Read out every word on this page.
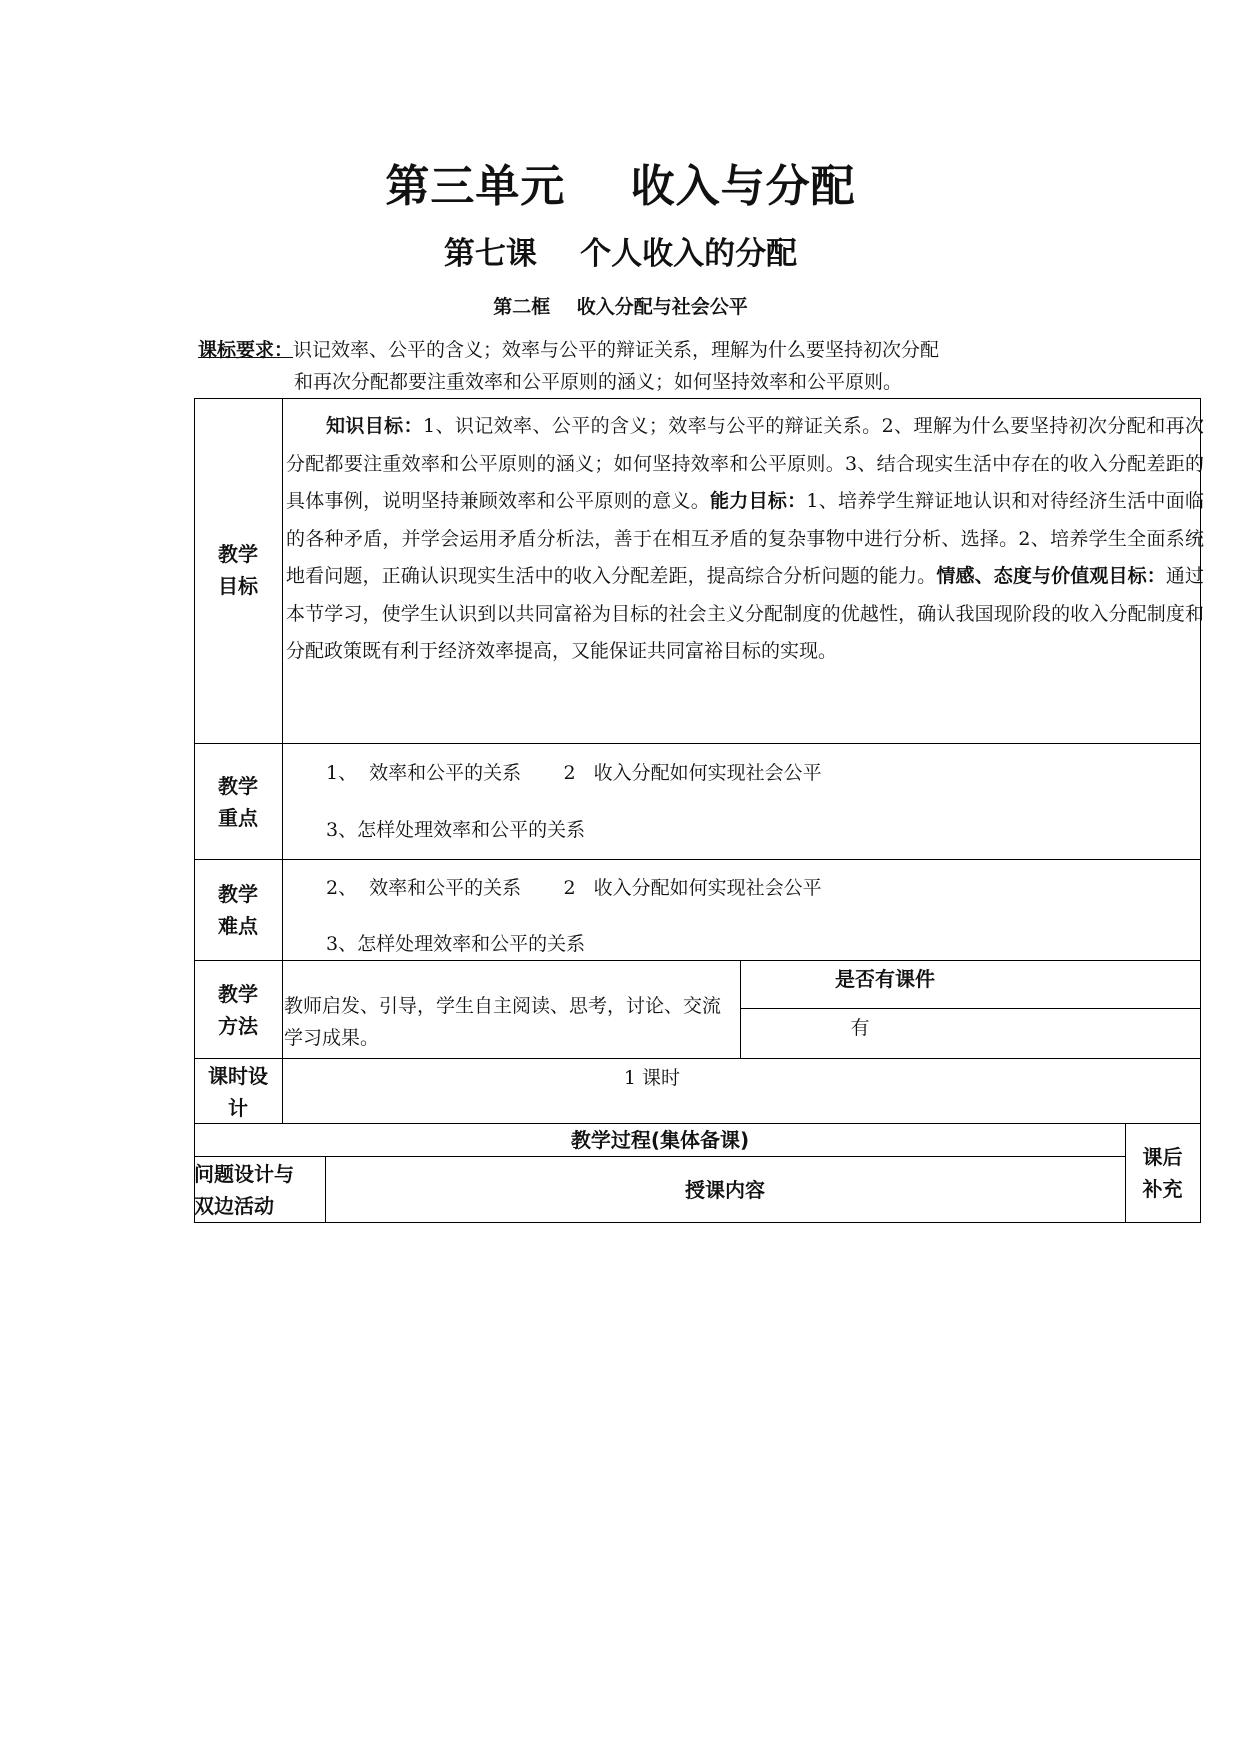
第三单元    收入与分配
第七课    个人收入的分配
第二框    收入分配与社会公平
课标要求：识记效率、公平的含义；效率与公平的辩证关系，理解为什么要坚持初次分配
和再次分配都要注重效率和公平原则的涵义；如何坚持效率和公平原则。
教学
目标
知识目标：1、识记效率、公平的含义；效率与公平的辩证关系。2、理解为什么要坚持初次分配和再次分配都要注重效率和公平原则的涵义；如何坚持效率和公平原则。3、结合现实生活中存在的收入分配差距的具体事例，说明坚持兼顾效率和公平原则的意义。能力目标：1、培养学生辩证地认识和对待经济生活中面临的各种矛盾，并学会运用矛盾分析法，善于在相互矛盾的复杂事物中进行分析、选择。2、培养学生全面系统地看问题，正确认识现实生活中的收入分配差距，提高综合分析问题的能力。情感、态度与价值观目标：通过本节学习，使学生认识到以共同富裕为目标的社会主义分配制度的优越性，确认我国现阶段的收入分配制度和分配政策既有利于经济效率提高，又能保证共同富裕目标的实现。
教学
重点
1、  效率和公平的关系       2   收入分配如何实现社会公平
3、怎样处理效率和公平的关系
教学
难点
2、  效率和公平的关系       2   收入分配如何实现社会公平
3、怎样处理效率和公平的关系
教学
方法
教师启发、引导，学生自主阅读、思考，讨论、交流学习成果。
是否有课件
有
课时设
计
1 课时
教学过程(集体备课)
问题设计与
双边活动
授课内容
课后
补充
